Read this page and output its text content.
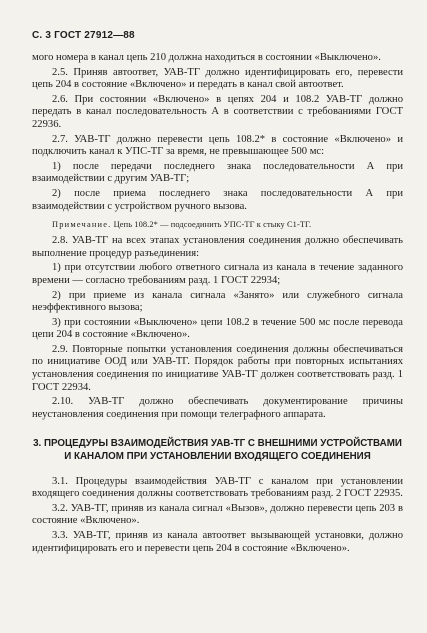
С. 3 ГОСТ 27912—88

мого номера в канал цепь 210 должна находиться в состоянии «Выключено».

2.5. Приняв автоответ, УАВ-ТГ должно идентифицировать его, перевести цепь 204 в состояние «Включено» и передать в канал свой автоответ.

2.6. При состоянии «Включено» в цепях 204 и 108.2 УАВ-ТГ должно передать в канал последовательность А в соответствии с требованиями ГОСТ 22936.

2.7. УАВ-ТГ должно перевести цепь 108.2* в состояние «Включено» и подключить канал к УПС-ТГ за время, не превышающее 500 мс:

1) после передачи последнего знака последовательности А при взаимодействии с другим УАВ-ТГ;

2) после приема последнего знака последовательности А при взаимодействии с устройством ручного вызова.

Примечание. Цепь 108.2* — подсоединить УПС-ТГ к стыку С1-ТГ.

2.8. УАВ-ТГ на всех этапах установления соединения должно обеспечивать выполнение процедур разъединения:

1) при отсутствии любого ответного сигнала из канала в течение заданного времени — согласно требованиям разд. 1 ГОСТ 22934;

2) при приеме из канала сигнала «Занято» или служебного сигнала неэффективного вызова;

3) при состоянии «Выключено» цепи 108.2 в течение 500 мс после перевода цепи 204 в состояние «Включено».

2.9. Повторные попытки установления соединения должны обеспечиваться по инициативе ООД или УАВ-ТГ. Порядок работы при повторных испытаниях установления соединения по инициативе УАВ-ТГ должен соответствовать разд. 1 ГОСТ 22934.

2.10. УАВ-ТГ должно обеспечивать документирование причины неустановления соединения при помощи телеграфного аппарата.

3. ПРОЦЕДУРЫ ВЗАИМОДЕЙСТВИЯ УАВ-ТГ С ВНЕШНИМИ УСТРОЙСТВАМИ И КАНАЛОМ ПРИ УСТАНОВЛЕНИИ ВХОДЯЩЕГО СОЕДИНЕНИЯ

3.1. Процедуры взаимодействия УАВ-ТГ с каналом при установлении входящего соединения должны соответствовать требованиям разд. 2 ГОСТ 22935.

3.2. УАВ-ТГ, приняв из канала сигнал «Вызов», должно перевести цепь 203 в состояние «Включено».

3.3. УАВ-ТГ, приняв из канала автоответ вызывающей установки, должно идентифицировать его и перевести цепь 204 в состояние «Включено».
